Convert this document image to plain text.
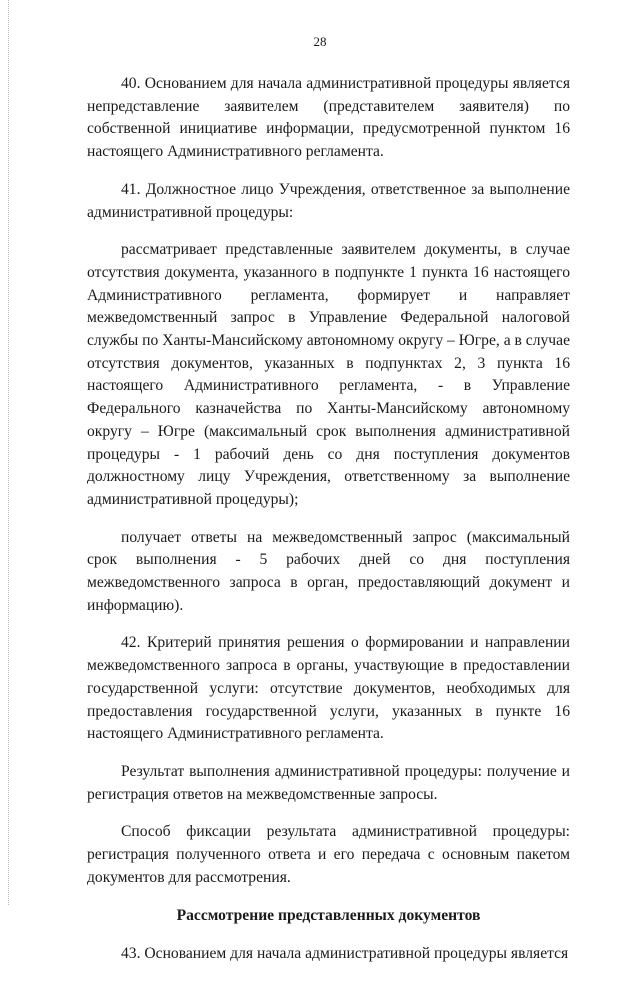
28

40. Основанием для начала административной процедуры является непредставление заявителем (представителем заявителя) по собственной инициативе информации, предусмотренной пунктом 16 настоящего Административного регламента.

41. Должностное лицо Учреждения, ответственное за выполнение административной процедуры:

рассматривает представленные заявителем документы, в случае отсутствия документа, указанного в подпункте 1 пункта 16 настоящего Административного регламента, формирует и направляет межведомственный запрос в Управление Федеральной налоговой службы по Ханты-Мансийскому автономному округу – Югре, а в случае отсутствия документов, указанных в подпунктах 2, 3 пункта 16 настоящего Административного регламента, - в Управление Федерального казначейства по Ханты-Мансийскому автономному округу – Югре (максимальный срок выполнения административной процедуры - 1 рабочий день со дня поступления документов должностному лицу Учреждения, ответственному за выполнение административной процедуры);

получает ответы на межведомственный запрос (максимальный срок выполнения - 5 рабочих дней со дня поступления межведомственного запроса в орган, предоставляющий документ и информацию).

42. Критерий принятия решения о формировании и направлении межведомственного запроса в органы, участвующие в предоставлении государственной услуги: отсутствие документов, необходимых для предоставления государственной услуги, указанных в пункте 16 настоящего Административного регламента.

Результат выполнения административной процедуры: получение и регистрация ответов на межведомственные запросы.

Способ фиксации результата административной процедуры: регистрация полученного ответа и его передача с основным пакетом документов для рассмотрения.

Рассмотрение представленных документов

43. Основанием для начала административной процедуры является
